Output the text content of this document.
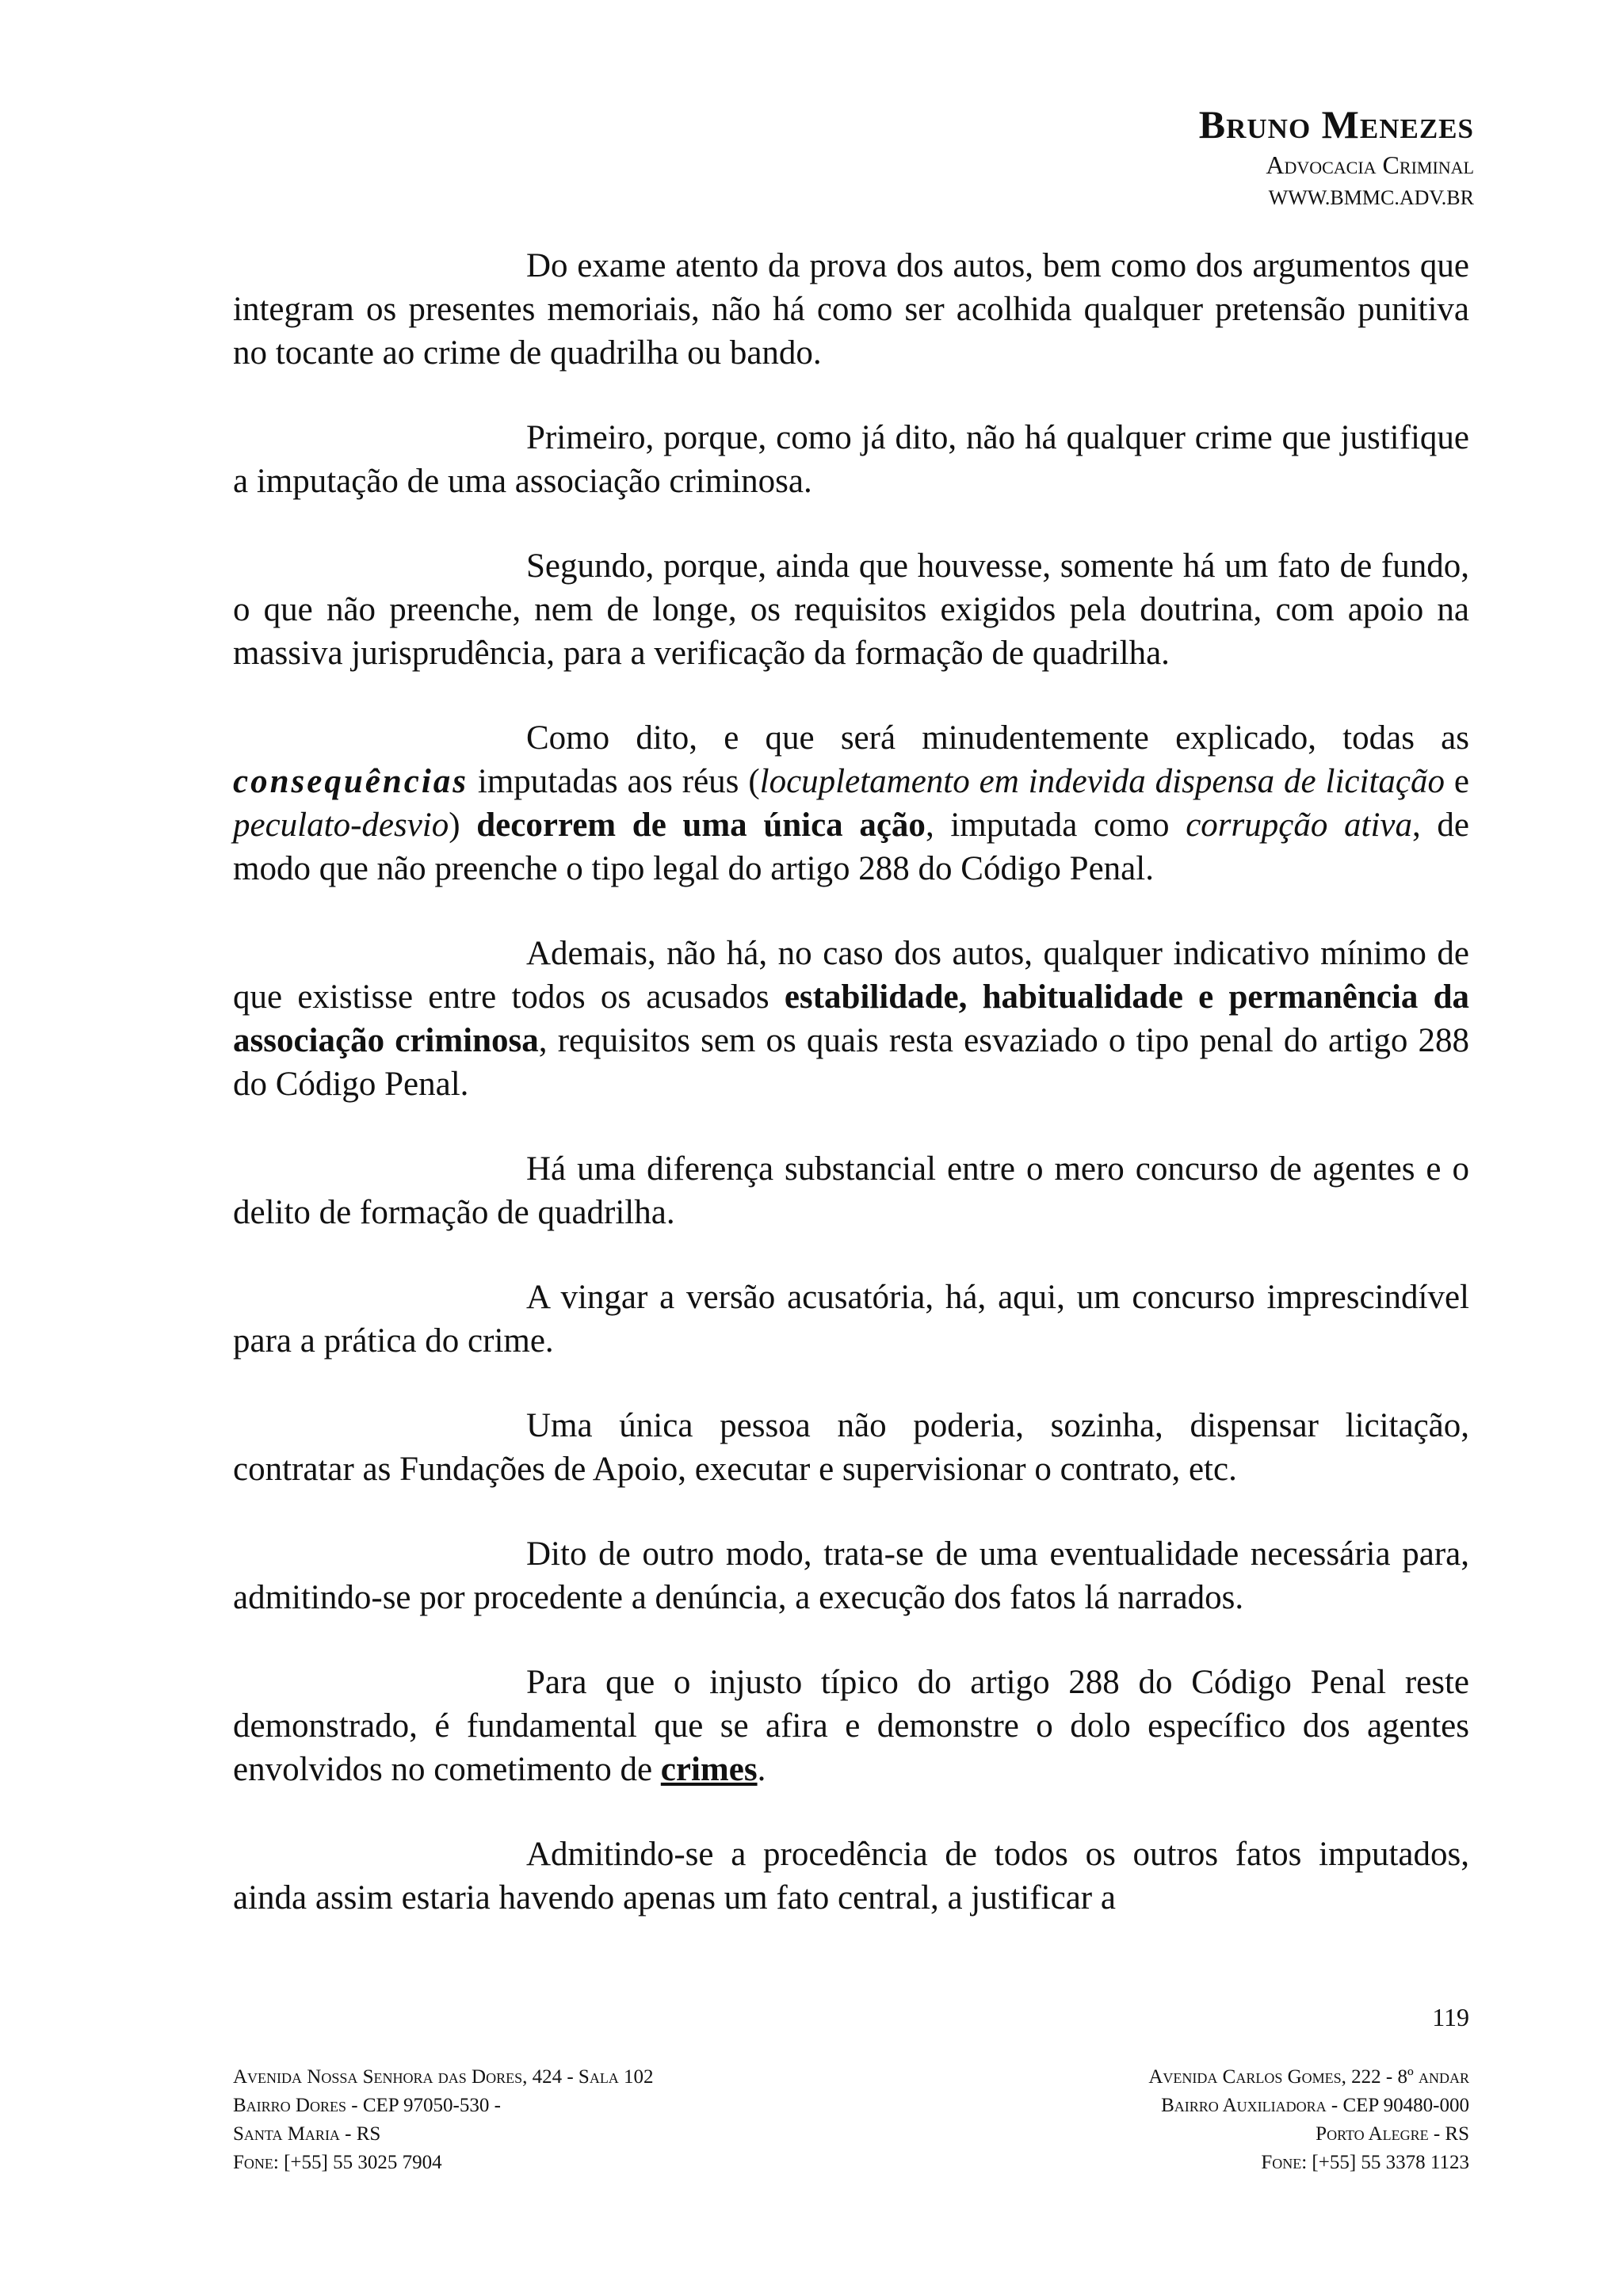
Bruno Menezes
Advocacia Criminal
WWW.BMMC.ADV.BR

Do exame atento da prova dos autos, bem como dos argumentos que integram os presentes memoriais, não há como ser acolhida qualquer pretensão punitiva no tocante ao crime de quadrilha ou bando.

Primeiro, porque, como já dito, não há qualquer crime que justifique a imputação de uma associação criminosa.

Segundo, porque, ainda que houvesse, somente há um fato de fundo, o que não preenche, nem de longe, os requisitos exigidos pela doutrina, com apoio na massiva jurisprudência, para a verificação da formação de quadrilha.

Como dito, e que será minudentemente explicado, todas as consequências imputadas aos réus (locupletamento em indevida dispensa de licitação e peculato-desvio) decorrem de uma única ação, imputada como corrupção ativa, de modo que não preenche o tipo legal do artigo 288 do Código Penal.

Ademais, não há, no caso dos autos, qualquer indicativo mínimo de que existisse entre todos os acusados estabilidade, habitualidade e permanência da associação criminosa, requisitos sem os quais resta esvaziado o tipo penal do artigo 288 do Código Penal.

Há uma diferença substancial entre o mero concurso de agentes e o delito de formação de quadrilha.

A vingar a versão acusatória, há, aqui, um concurso imprescindível para a prática do crime.

Uma única pessoa não poderia, sozinha, dispensar licitação, contratar as Fundações de Apoio, executar e supervisionar o contrato, etc.

Dito de outro modo, trata-se de uma eventualidade necessária para, admitindo-se por procedente a denúncia, a execução dos fatos lá narrados.

Para que o injusto típico do artigo 288 do Código Penal reste demonstrado, é fundamental que se afira e demonstre o dolo específico dos agentes envolvidos no cometimento de crimes.

Admitindo-se a procedência de todos os outros fatos imputados, ainda assim estaria havendo apenas um fato central, a justificar a

119
Avenida Nossa Senhora das Dores, 424 - Sala 102
Bairro Dores - CEP 97050-530 -
Santa Maria - RS
Fone: [+55] 55 3025 7904
Avenida Carlos Gomes, 222 - 8º andar
Bairro Auxiliadora - CEP 90480-000
Porto Alegre - RS
Fone: [+55] 55 3378 1123
